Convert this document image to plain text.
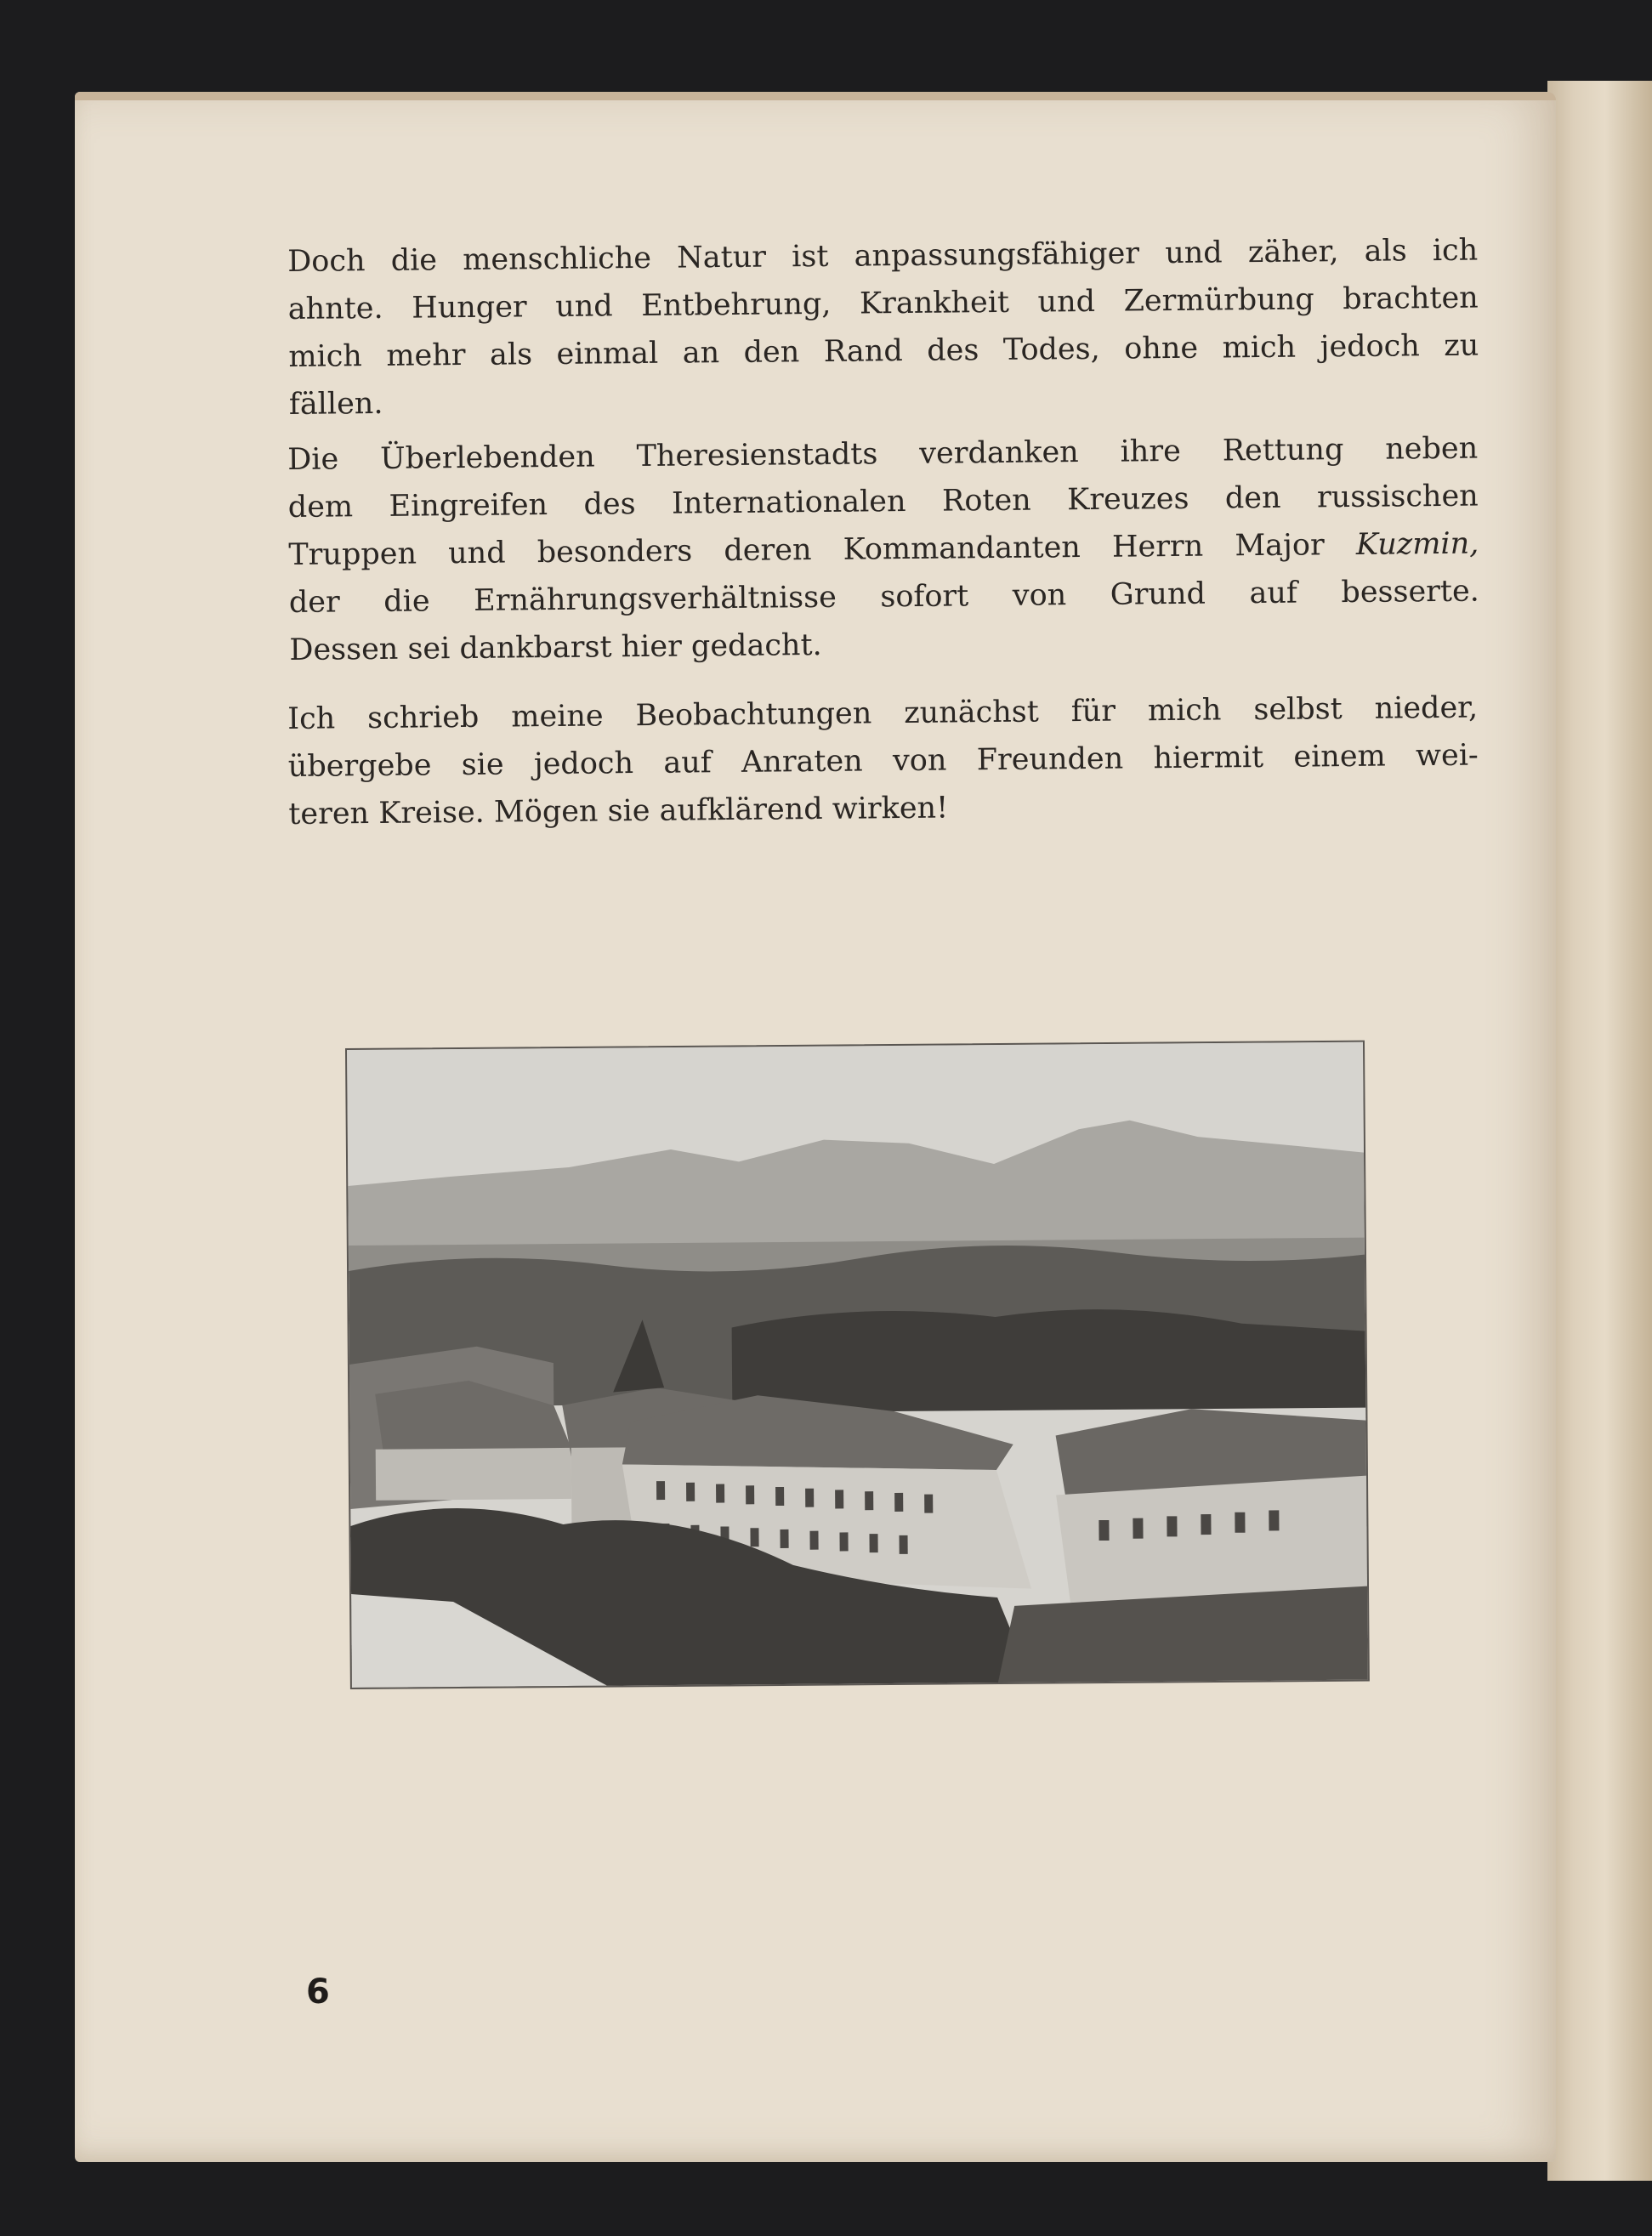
Doch die menschliche Natur ist anpassungsfähiger und zäher, als ich
ahnte. Hunger und Entbehrung, Krankheit und Zermürbung brachten
mich mehr als einmal an den Rand des Todes, ohne mich jedoch zu
fällen.

Die Überlebenden Theresienstadts verdanken ihre Rettung neben
dem Eingreifen des Internationalen Roten Kreuzes den russischen
Truppen und besonders deren Kommandanten Herrn Major Kuzmin,
der die Ernährungsverhältnisse sofort von Grund auf besserte.
Dessen sei dankbarst hier gedacht.

Ich schrieb meine Beobachtungen zunächst für mich selbst nieder,
übergebe sie jedoch auf Anraten von Freunden hiermit einem wei-
teren Kreise. Mögen sie aufklärend wirken!

6
